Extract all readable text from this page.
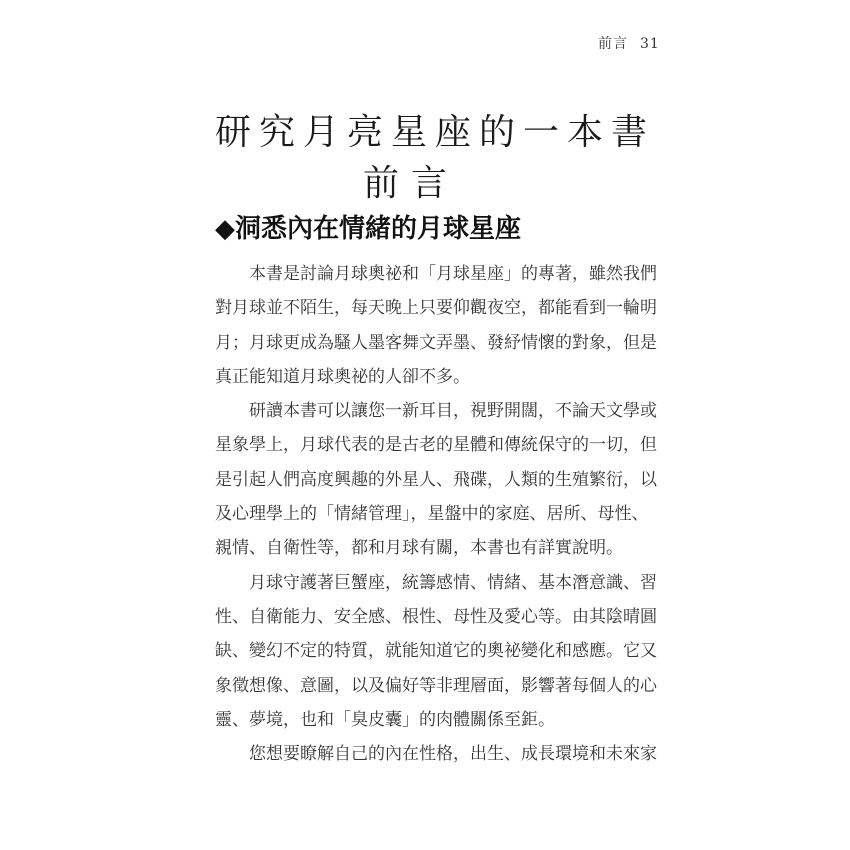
前言 31
研究月亮星座的一本書
前言
◆洞悉內在情緒的月球星座

本書是討論月球奧祕和「月球星座」的專著，雖然我們
對月球並不陌生，每天晚上只要仰觀夜空，都能看到一輪明
月；月球更成為騷人墨客舞文弄墨、發紓情懷的對象，但是
真正能知道月球奧祕的人卻不多。

研讀本書可以讓您一新耳目，視野開闊，不論天文學或
星象學上，月球代表的是古老的星體和傳統保守的一切，但
是引起人們高度興趣的外星人、飛碟，人類的生殖繁衍，以
及心理學上的「情緒管理」，星盤中的家庭、居所、母性、
親情、自衛性等，都和月球有關，本書也有詳實說明。

月球守護著巨蟹座，統籌感情、情緒、基本潛意識、習
性、自衛能力、安全感、根性、母性及愛心等。由其陰晴圓
缺、變幻不定的特質，就能知道它的奧祕變化和感應。它又
象徵想像、意圖，以及偏好等非理層面，影響著每個人的心
靈、夢境，也和「臭皮囊」的肉體關係至鉅。

您想要瞭解自己的內在性格，出生、成長環境和未來家
